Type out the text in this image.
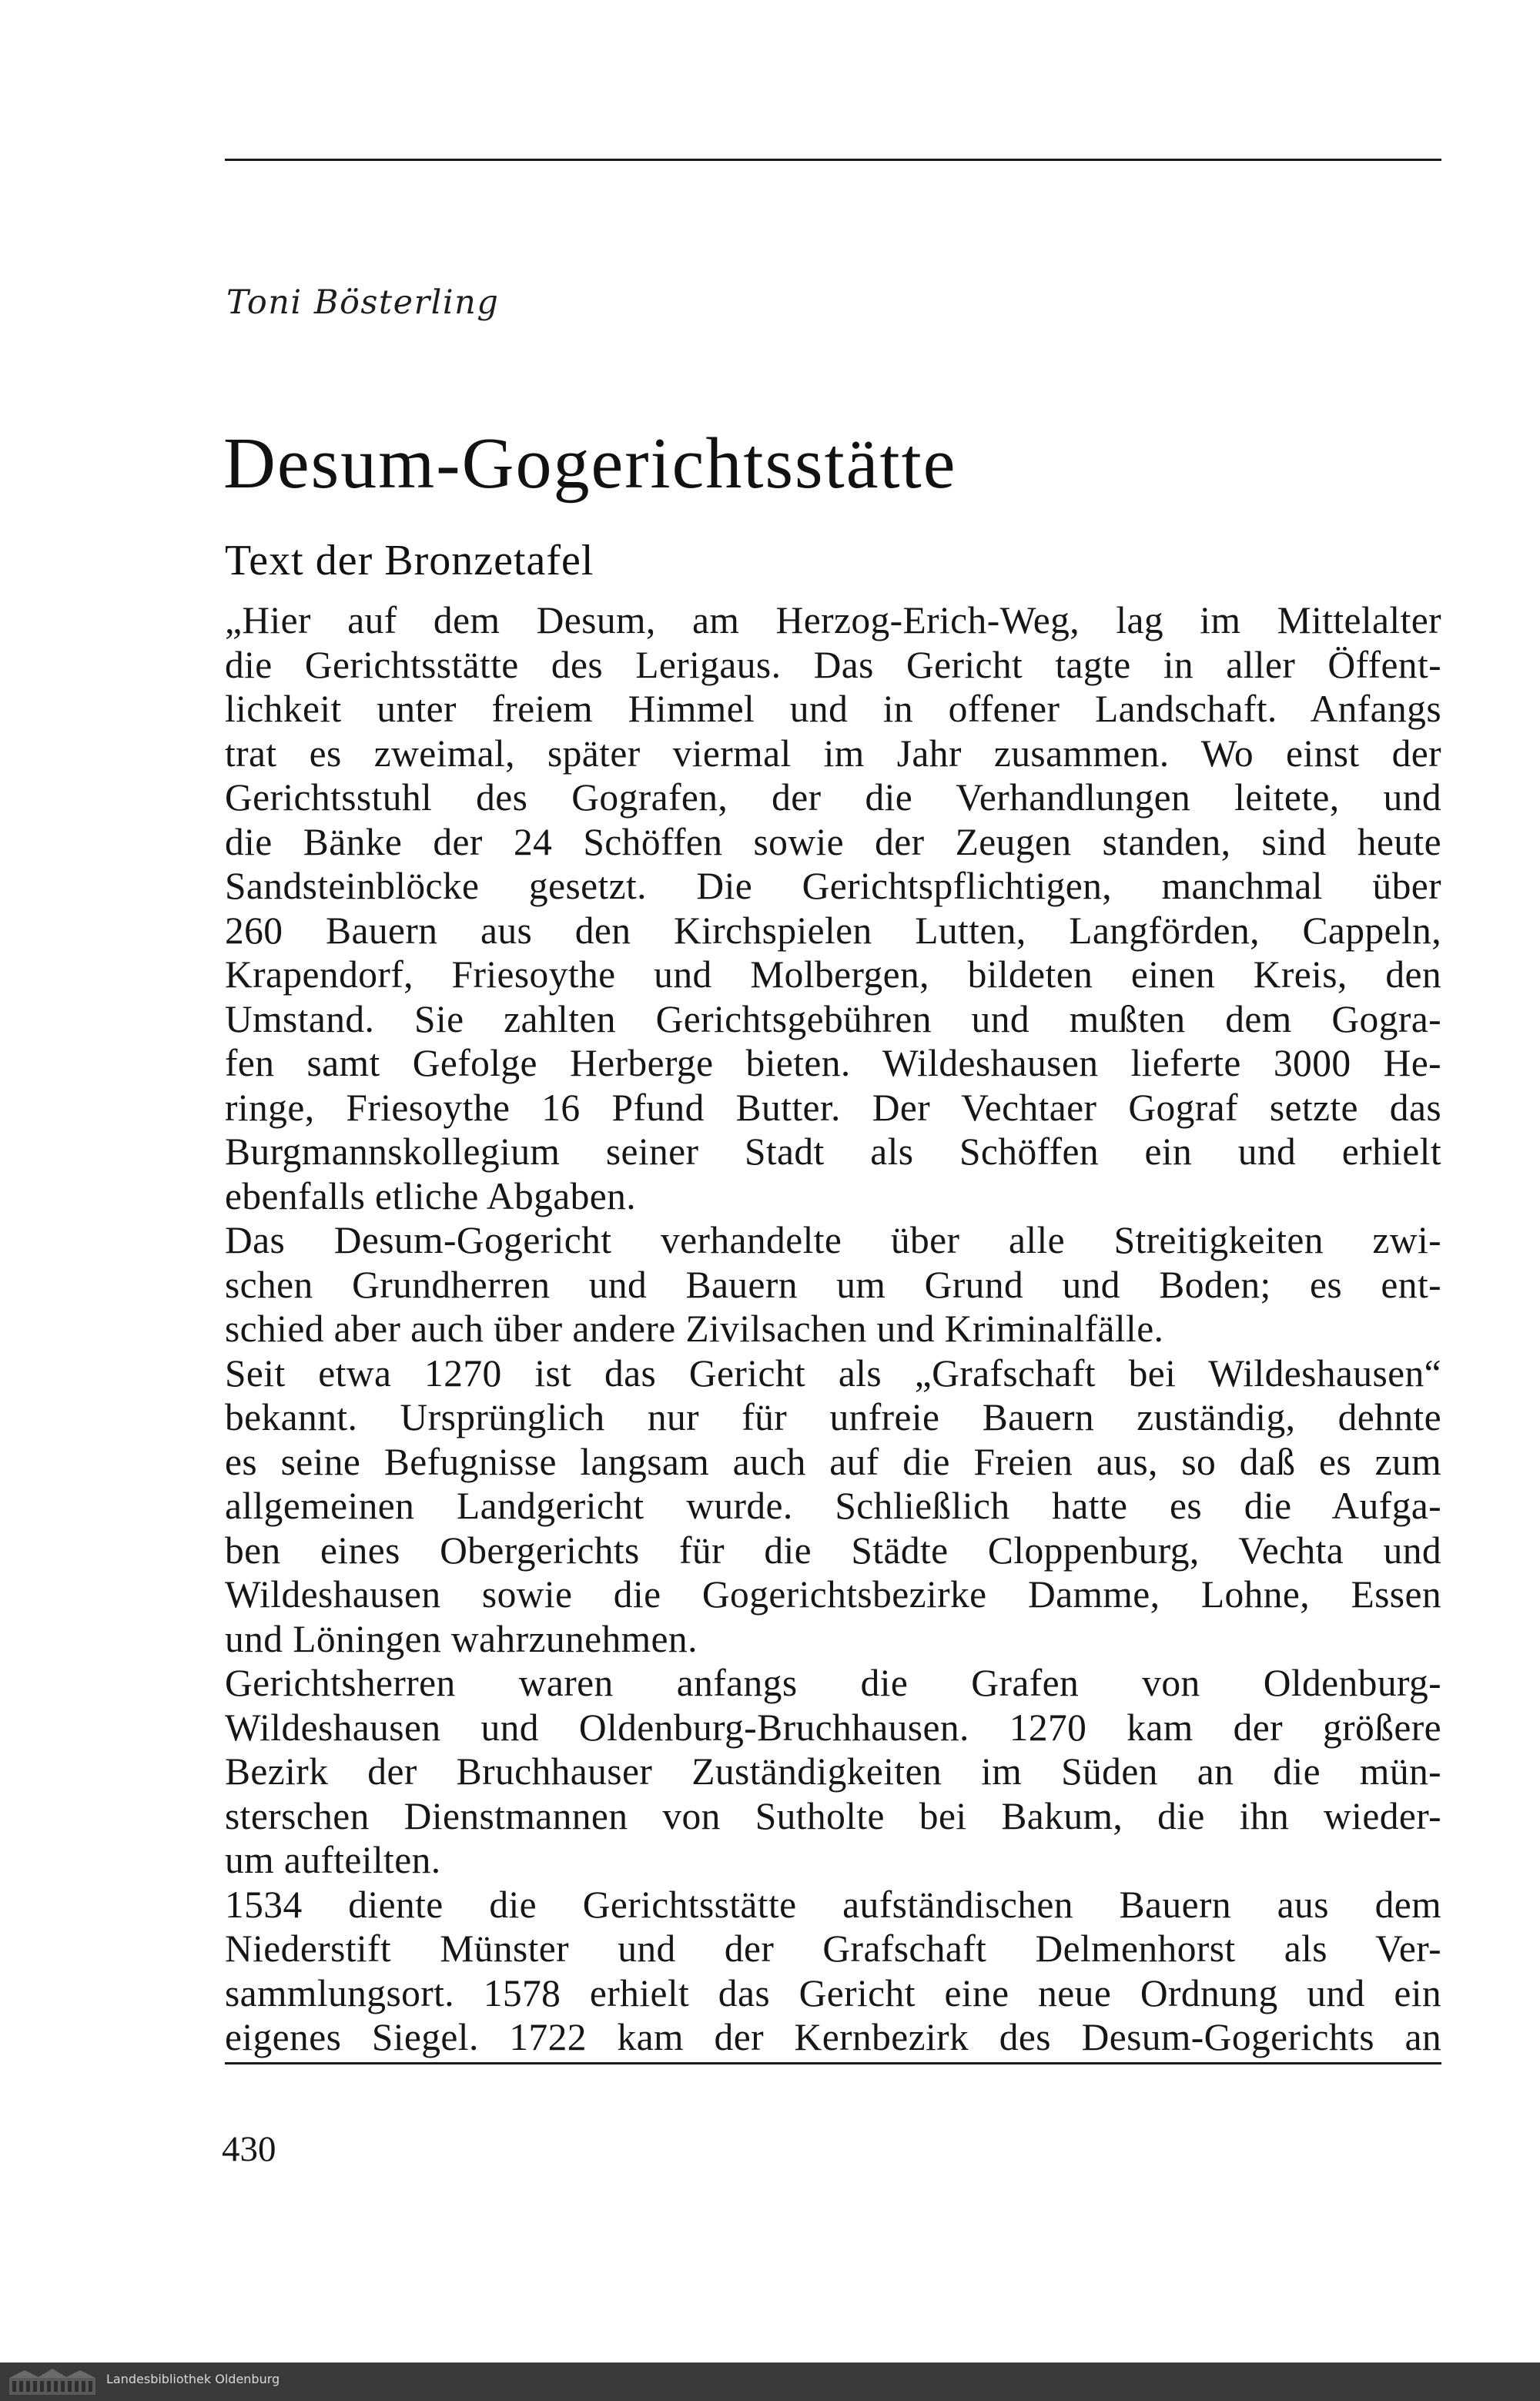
Toni Bösterling
Desum-Gogerichtsstätte
Text der Bronzetafel
„Hier auf dem Desum, am Herzog-Erich-Weg, lag im Mittelalter
die Gerichtsstätte des Lerigaus. Das Gericht tagte in aller Öffent-
lichkeit unter freiem Himmel und in offener Landschaft. Anfangs
trat es zweimal, später viermal im Jahr zusammen. Wo einst der
Gerichtsstuhl des Gografen, der die Verhandlungen leitete, und
die Bänke der 24 Schöffen sowie der Zeugen standen, sind heute
Sandsteinblöcke gesetzt. Die Gerichtspflichtigen, manchmal über
260 Bauern aus den Kirchspielen Lutten, Langförden, Cappeln,
Krapendorf, Friesoythe und Molbergen, bildeten einen Kreis, den
Umstand. Sie zahlten Gerichtsgebühren und mußten dem Gogra-
fen samt Gefolge Herberge bieten. Wildeshausen lieferte 3000 He-
ringe, Friesoythe 16 Pfund Butter. Der Vechtaer Gograf setzte das
Burgmannskollegium seiner Stadt als Schöffen ein und erhielt
ebenfalls etliche Abgaben.
Das Desum-Gogericht verhandelte über alle Streitigkeiten zwi-
schen Grundherren und Bauern um Grund und Boden; es ent-
schied aber auch über andere Zivilsachen und Kriminalfälle.
Seit etwa 1270 ist das Gericht als „Grafschaft bei Wildeshausen“
bekannt. Ursprünglich nur für unfreie Bauern zuständig, dehnte
es seine Befugnisse langsam auch auf die Freien aus, so daß es zum
allgemeinen Landgericht wurde. Schließlich hatte es die Aufga-
ben eines Obergerichts für die Städte Cloppenburg, Vechta und
Wildeshausen sowie die Gogerichtsbezirke Damme, Lohne, Essen
und Löningen wahrzunehmen.
Gerichtsherren waren anfangs die Grafen von Oldenburg-
Wildeshausen und Oldenburg-Bruchhausen. 1270 kam der größere
Bezirk der Bruchhauser Zuständigkeiten im Süden an die mün-
sterschen Dienstmannen von Sutholte bei Bakum, die ihn wieder-
um aufteilten.
1534 diente die Gerichtsstätte aufständischen Bauern aus dem
Niederstift Münster und der Grafschaft Delmenhorst als Ver-
sammlungsort. 1578 erhielt das Gericht eine neue Ordnung und ein
eigenes Siegel. 1722 kam der Kernbezirk des Desum-Gogerichts an
430
Landesbibliothek Oldenburg
